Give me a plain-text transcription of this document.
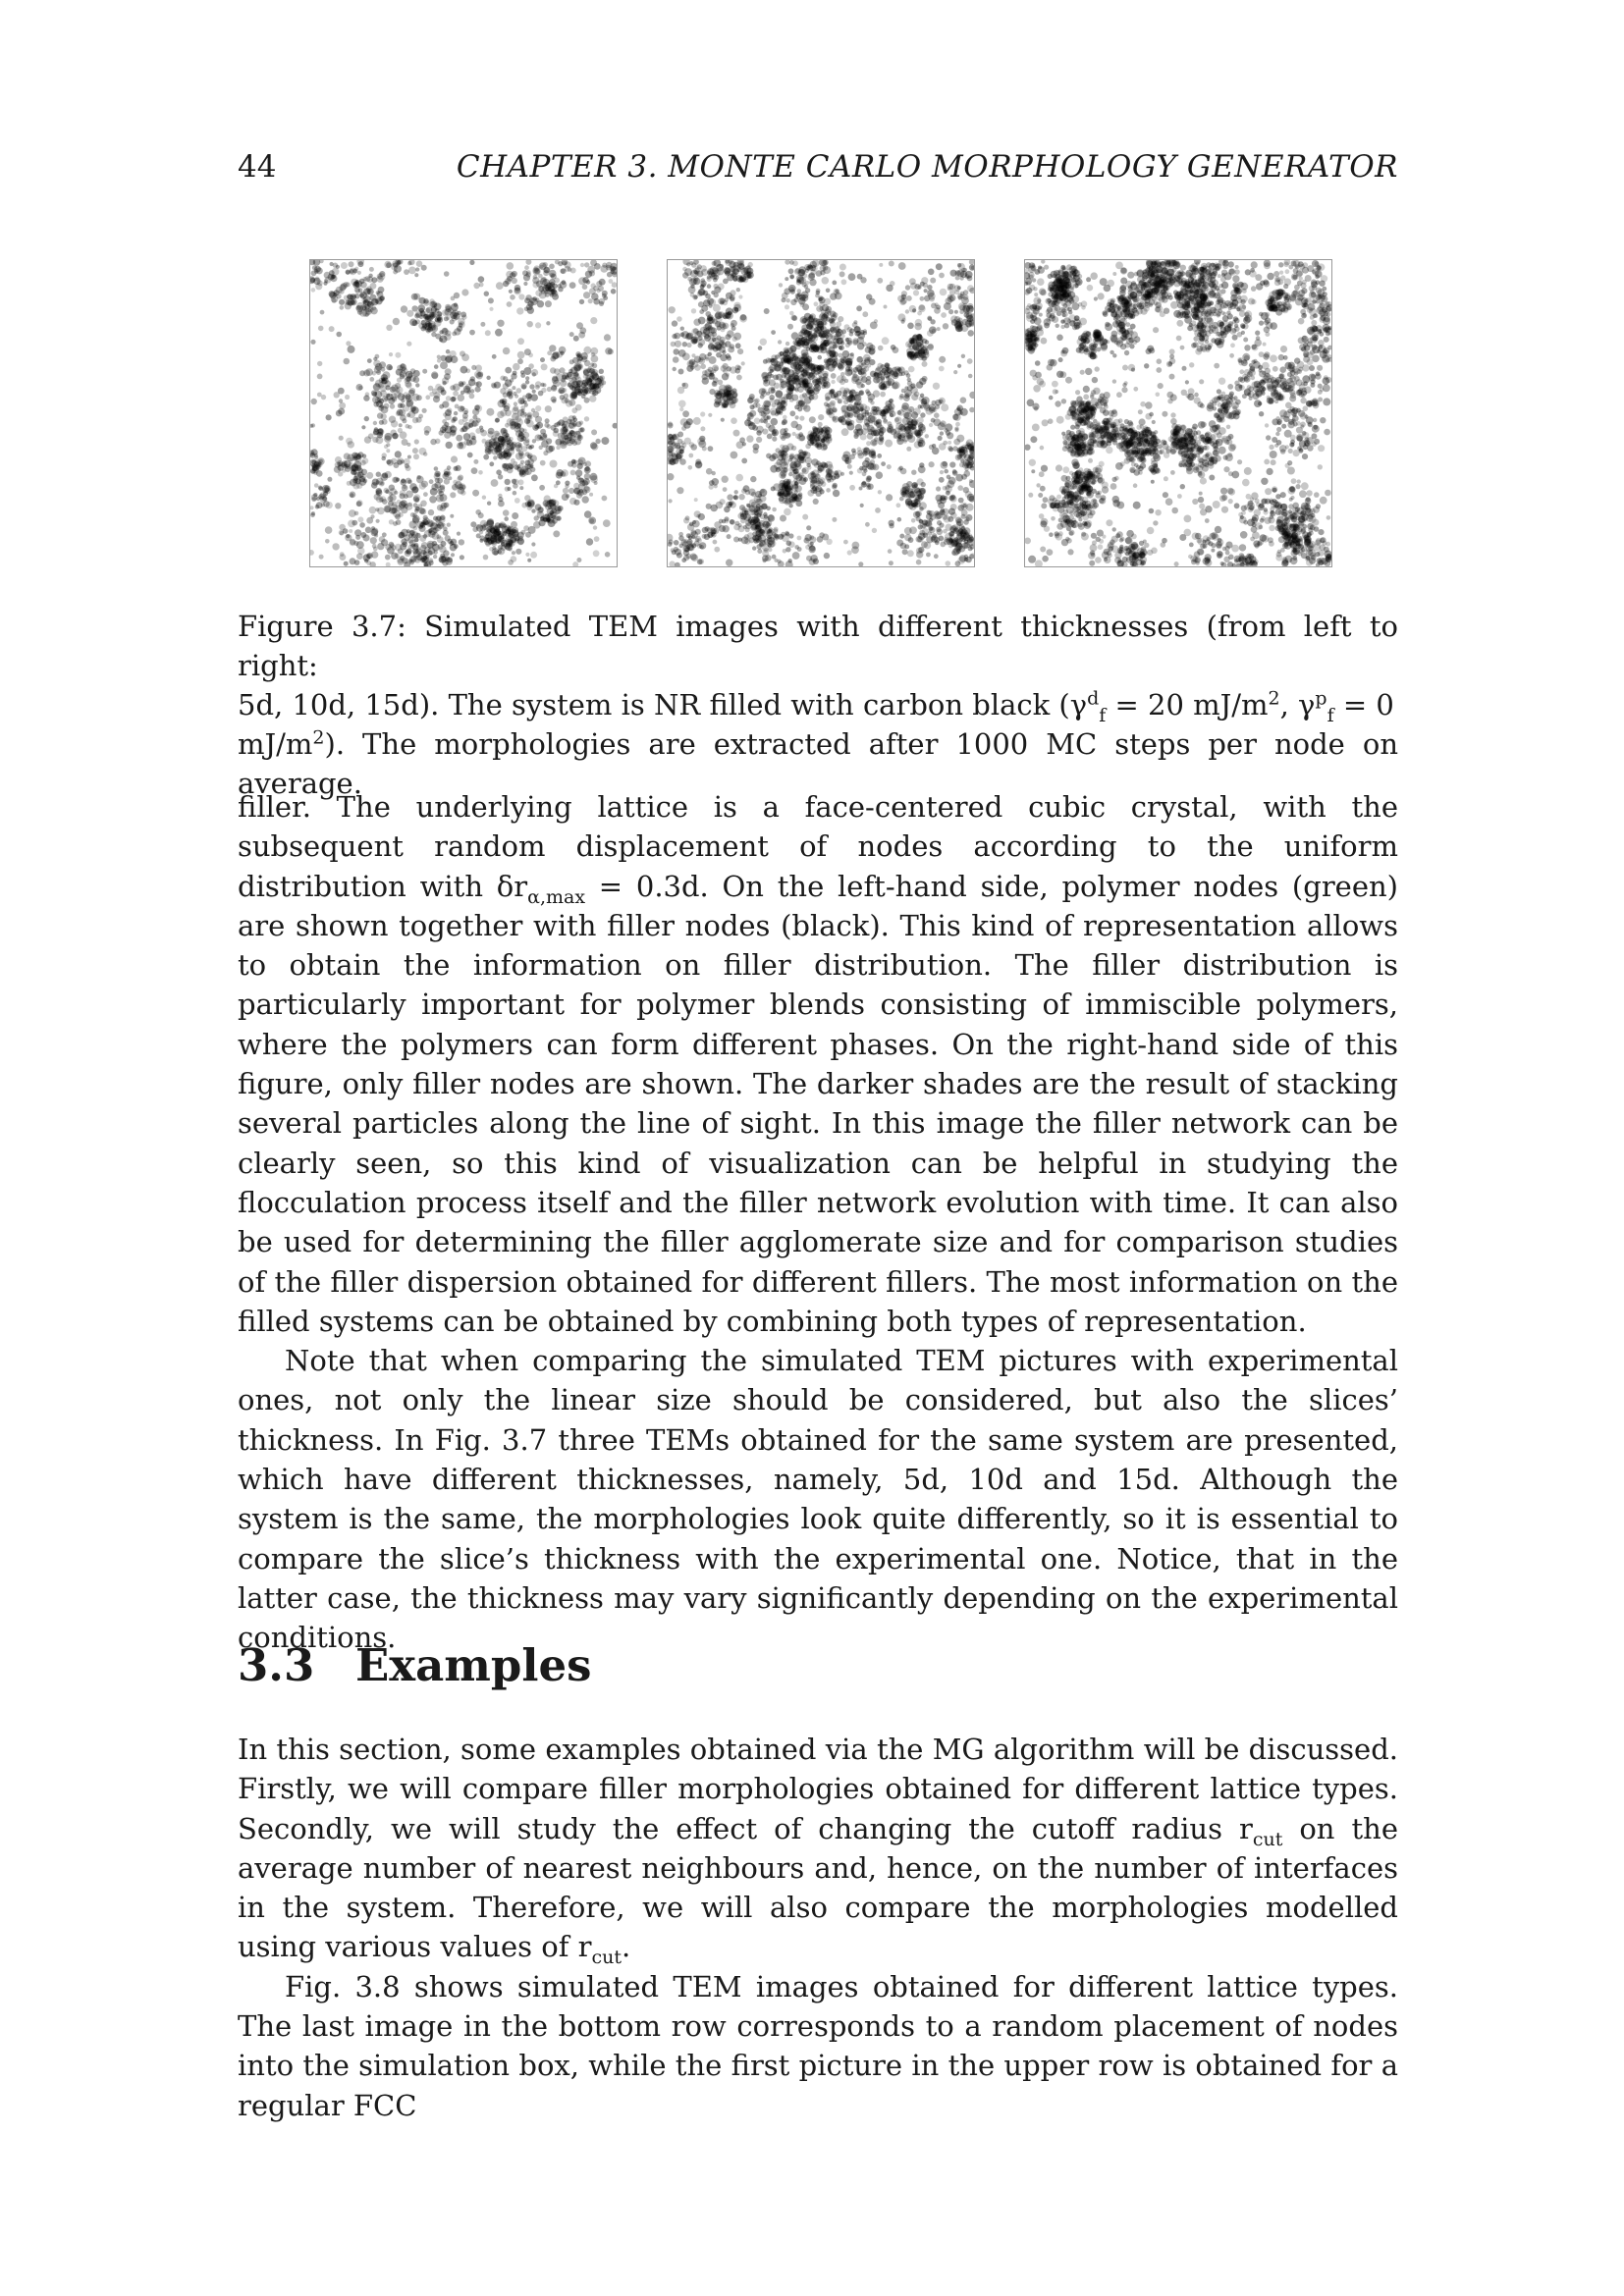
44	CHAPTER 3. MONTE CARLO MORPHOLOGY GENERATOR
Figure 3.7: Simulated TEM images with different thicknesses (from left to right:
5d, 10d, 15d). The system is NR filled with carbon black ($\gamma^d_f = 20$ $mJ/m^2$, $\gamma^p_f = 0$
$mJ/m^2$). The morphologies are extracted after 1000 MC steps per node on average.

filler. The underlying lattice is a face-centered cubic crystal, with the subsequent random displacement of nodes according to the uniform distribution with $\delta r_{\alpha,max} = 0.3d$. On the left-hand side, polymer nodes (green) are shown together with filler nodes (black). This kind of representation allows to obtain the information on filler distribution. The filler distribution is particularly important for polymer blends consisting of immiscible polymers, where the polymers can form different phases. On the right-hand side of this figure, only filler nodes are shown. The darker shades are the result of stacking several particles along the line of sight. In this image the filler network can be clearly seen, so this kind of visualization can be helpful in studying the flocculation process itself and the filler network evolution with time. It can also be used for determining the filler agglomerate size and for comparison studies of the filler dispersion obtained for different fillers. The most information on the filled systems can be obtained by combining both types of representation.

Note that when comparing the simulated TEM pictures with experimental ones, not only the linear size should be considered, but also the slices’ thickness. In Fig. 3.7 three TEMs obtained for the same system are presented, which have different thicknesses, namely, 5d, 10d and 15d. Although the system is the same, the morphologies look quite differently, so it is essential to compare the slice’s thickness with the experimental one. Notice, that in the latter case, the thickness may vary significantly depending on the experimental conditions.

3.3 Examples

In this section, some examples obtained via the MG algorithm will be discussed. Firstly, we will compare filler morphologies obtained for different lattice types. Secondly, we will study the effect of changing the cutoff radius $r_{cut}$ on the average number of nearest neighbours and, hence, on the number of interfaces in the system. Therefore, we will also compare the morphologies modelled using various values of $r_{cut}$.

Fig. 3.8 shows simulated TEM images obtained for different lattice types. The last image in the bottom row corresponds to a random placement of nodes into the simulation box, while the first picture in the upper row is obtained for a regular FCC
